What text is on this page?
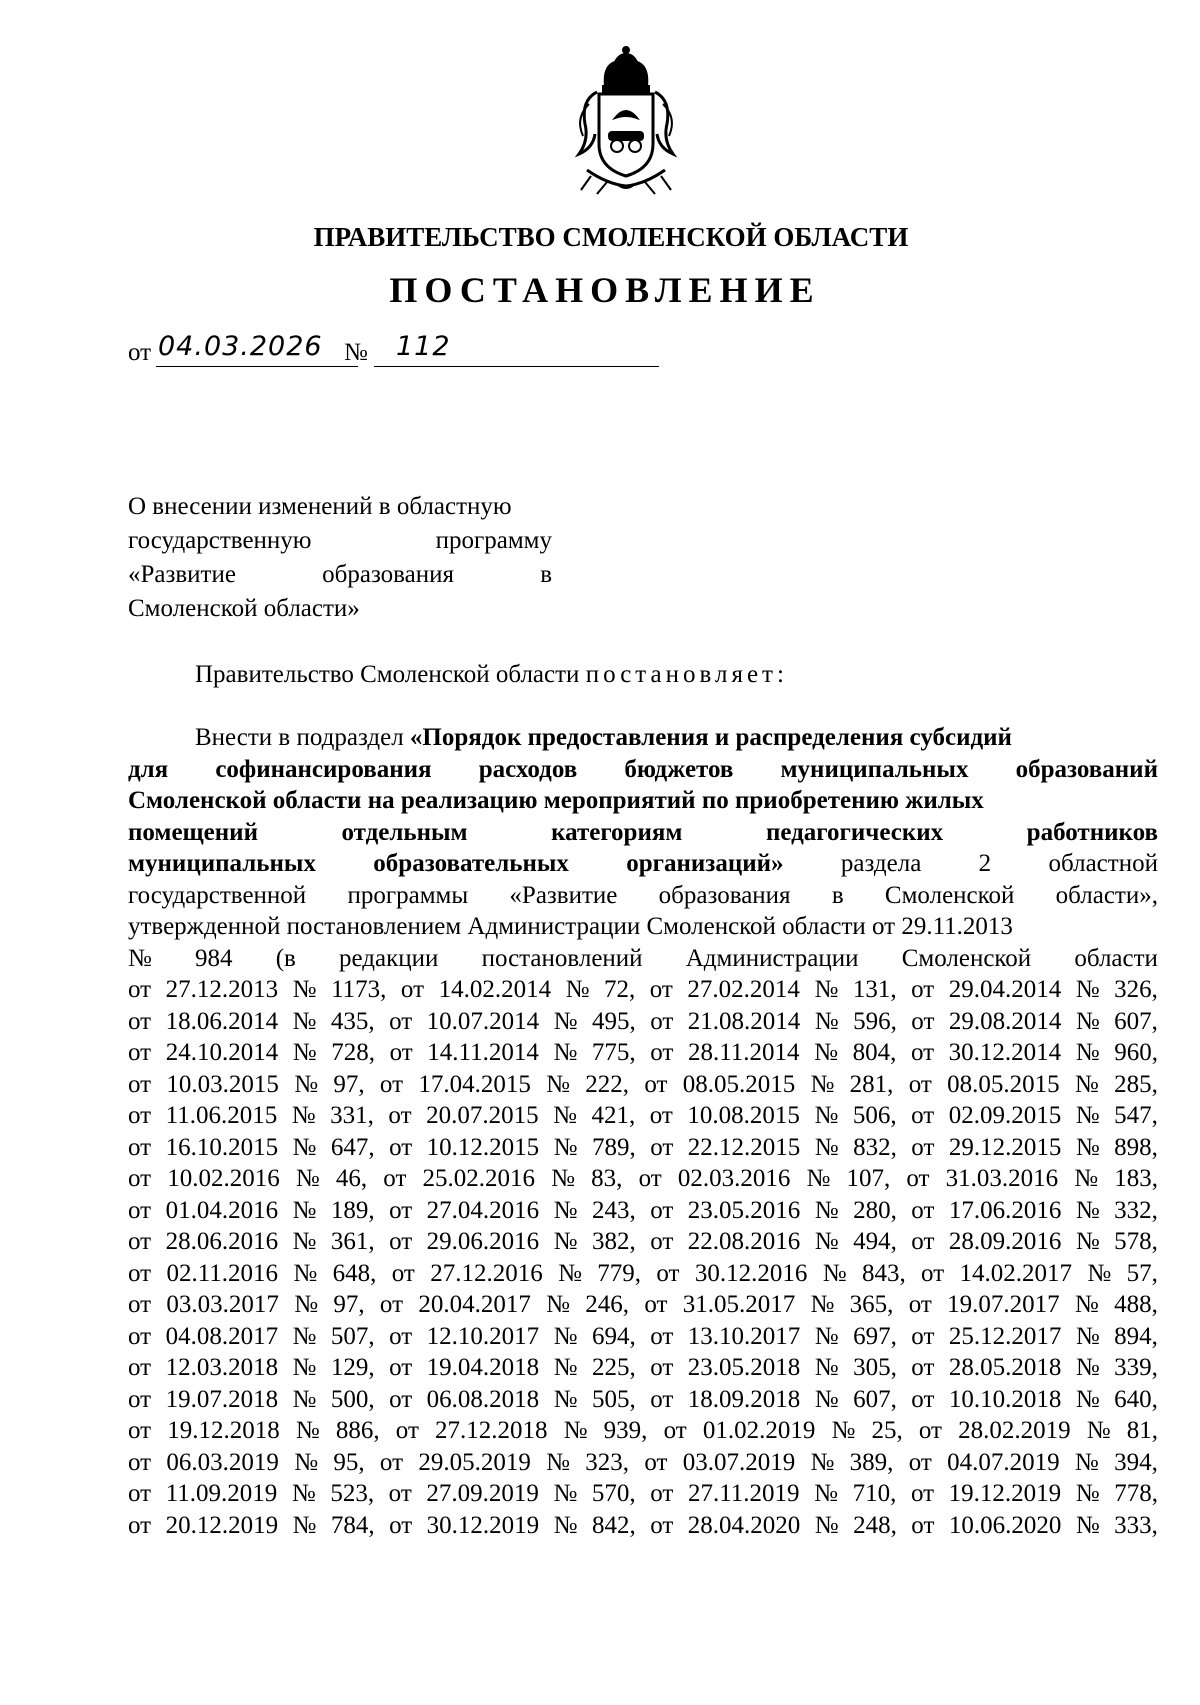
ПРАВИТЕЛЬСТВО СМОЛЕНСКОЙ ОБЛАСТИ
ПОСТАНОВЛЕНИЕ
от 04.03.2026 № 112
О внесении изменений в областную
государственную	программу
«Развитие	образования	в
Смоленской области»
Правительство Смоленской области постановляет:
Внести в подраздел «Порядок предоставления и распределения субсидий
для софинансирования расходов бюджетов муниципальных образований
Смоленской области на реализацию мероприятий по приобретению жилых
помещений	отдельным	категориям	педагогических	работников
муниципальных образовательных организаций» раздела 2 областной
государственной программы «Развитие образования в Смоленской области»,
утвержденной постановлением Администрации Смоленской области от 29.11.2013
№ 984 (в редакции постановлений Администрации Смоленской области
от 27.12.2013 № 1173, от 14.02.2014 № 72, от 27.02.2014 № 131, от 29.04.2014 № 326,
от 18.06.2014 № 435, от 10.07.2014 № 495, от 21.08.2014 № 596, от 29.08.2014 № 607,
от 24.10.2014 № 728, от 14.11.2014 № 775, от 28.11.2014 № 804, от 30.12.2014 № 960,
от 10.03.2015 № 97, от 17.04.2015 № 222, от 08.05.2015 № 281, от 08.05.2015 № 285,
от 11.06.2015 № 331, от 20.07.2015 № 421, от 10.08.2015 № 506, от 02.09.2015 № 547,
от 16.10.2015 № 647, от 10.12.2015 № 789, от 22.12.2015 № 832, от 29.12.2015 № 898,
от 10.02.2016 № 46, от 25.02.2016 № 83, от 02.03.2016 № 107, от 31.03.2016 № 183,
от 01.04.2016 № 189, от 27.04.2016 № 243, от 23.05.2016 № 280, от 17.06.2016 № 332,
от 28.06.2016 № 361, от 29.06.2016 № 382, от 22.08.2016 № 494, от 28.09.2016 № 578,
от 02.11.2016 № 648, от 27.12.2016 № 779, от 30.12.2016 № 843, от 14.02.2017 № 57,
от 03.03.2017 № 97, от 20.04.2017 № 246, от 31.05.2017 № 365, от 19.07.2017 № 488,
от 04.08.2017 № 507, от 12.10.2017 № 694, от 13.10.2017 № 697, от 25.12.2017 № 894,
от 12.03.2018 № 129, от 19.04.2018 № 225, от 23.05.2018 № 305, от 28.05.2018 № 339,
от 19.07.2018 № 500, от 06.08.2018 № 505, от 18.09.2018 № 607, от 10.10.2018 № 640,
от 19.12.2018 № 886, от 27.12.2018 № 939, от 01.02.2019 № 25, от 28.02.2019 № 81,
от 06.03.2019 № 95, от 29.05.2019 № 323, от 03.07.2019 № 389, от 04.07.2019 № 394,
от 11.09.2019 № 523, от 27.09.2019 № 570, от 27.11.2019 № 710, от 19.12.2019 № 778,
от 20.12.2019 № 784, от 30.12.2019 № 842, от 28.04.2020 № 248, от 10.06.2020 № 333,
